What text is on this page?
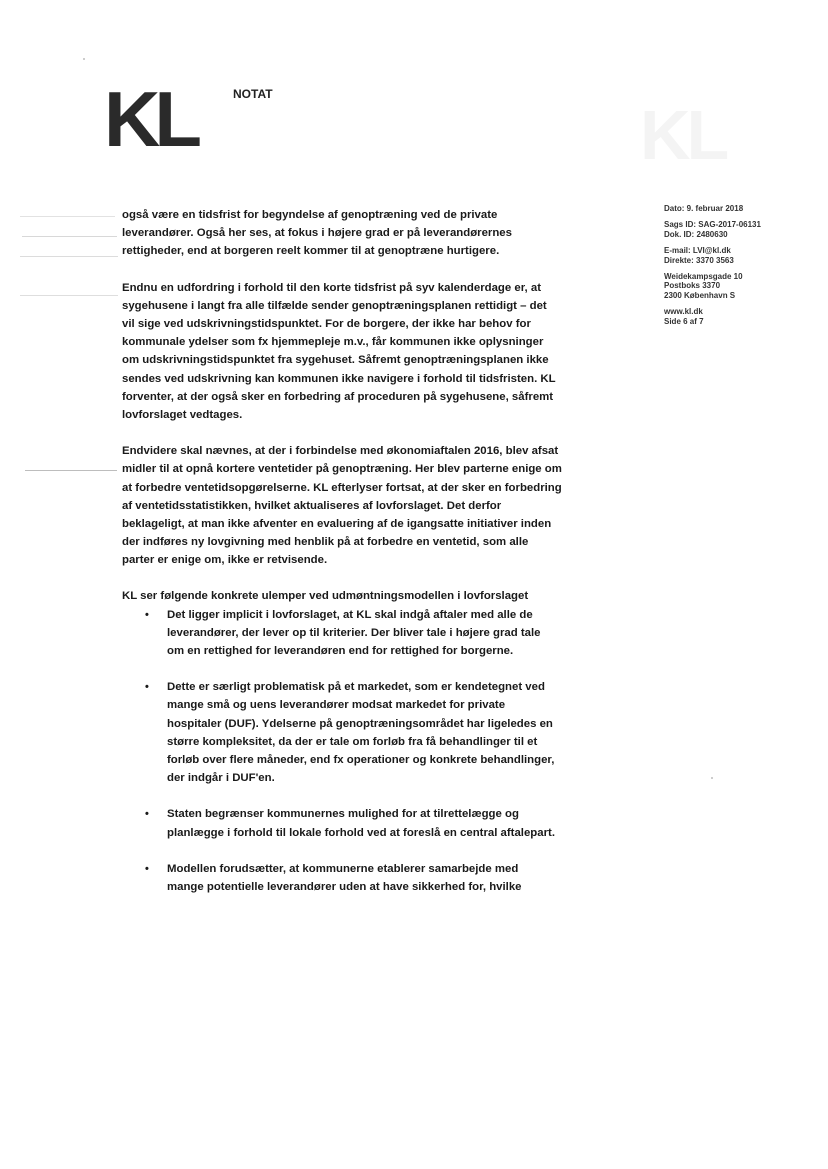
KL	NOTAT
KL
Dato: 9. februar 2018
Sags ID: SAG-2017-06131
Dok. ID: 2480630
E-mail: LVI@kl.dk
Direkte: 3370 3563
Weidekampsgade 10
Postboks 3370
2300 København S
www.kl.dk
Side 6 af 7

også være en tidsfrist for begyndelse af genoptræning ved de private leverandører. Også her ses, at fokus i højere grad er på leverandørernes rettigheder, end at borgeren reelt kommer til at genoptræne hurtigere.

Endnu en udfordring i forhold til den korte tidsfrist på syv kalenderdage er, at sygehusene i langt fra alle tilfælde sender genoptræningsplanen rettidigt – det vil sige ved udskrivningstidspunktet. For de borgere, der ikke har behov for kommunale ydelser som fx hjemmepleje m.v., får kommunen ikke oplysninger om udskrivningstidspunktet fra sygehuset. Såfremt genoptræningsplanen ikke sendes ved udskrivning kan kommunen ikke navigere i forhold til tidsfristen. KL forventer, at der også sker en forbedring af proceduren på sygehusene, såfremt lovforslaget vedtages.

Endvidere skal nævnes, at der i forbindelse med økonomiaftalen 2016, blev afsat midler til at opnå kortere ventetider på genoptræning. Her blev parterne enige om at forbedre ventetidsopgørelserne. KL efterlyser fortsat, at der sker en forbedring af ventetidsstatistikken, hvilket aktualiseres af lovforslaget. Det derfor beklageligt, at man ikke afventer en evaluering af de igangsatte initiativer inden der indføres ny lovgivning med henblik på at forbedre en ventetid, som alle parter er enige om, ikke er retvisende.

KL ser følgende konkrete ulemper ved udmøntningsmodellen i lovforslaget
• Det ligger implicit i lovforslaget, at KL skal indgå aftaler med alle de leverandører, der lever op til kriterier. Der bliver tale i højere grad tale om en rettighed for leverandøren end for rettighed for borgerne.
• Dette er særligt problematisk på et markedet, som er kendetegnet ved mange små og uens leverandører modsat markedet for private hospitaler (DUF). Ydelserne på genoptræningsområdet har ligeledes en større kompleksitet, da der er tale om forløb fra få behandlinger til et forløb over flere måneder, end fx operationer og konkrete behandlinger, der indgår i DUF'en.
• Staten begrænser kommunernes mulighed for at tilrettelægge og planlægge i forhold til lokale forhold ved at foreslå en central aftalepart.
• Modellen forudsætter, at kommunerne etablerer samarbejde med mange potentielle leverandører uden at have sikkerhed for, hvilke
